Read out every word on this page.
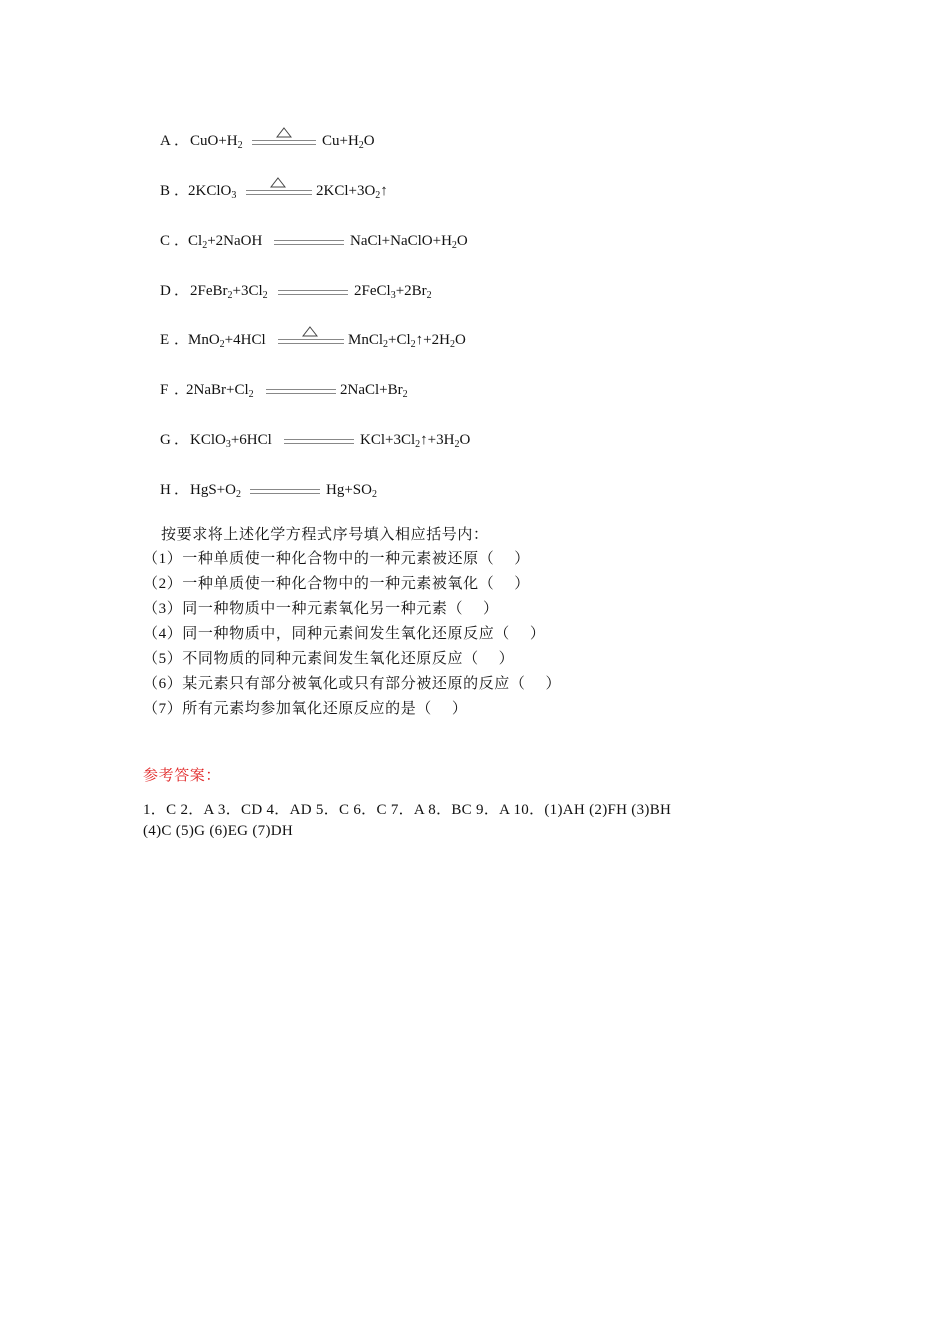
A ． $CuO+H_2$	$Cu+H_2O$
B ．
2KClO$_3$	$2KCl+3O_2↑$
C ．
$Cl_2+2NaOH$	$NaCl+NaClO+H_2O$
D ． $2FeBr_2+3Cl_2$	$2FeCl_3+2Br_2$
E ．
MnO$_2$+4HCl	$MnCl_2+Cl_2↑+2H_2O$
F ．
$2NaBr+Cl_2$	$2NaCl+Br_2$
G ． KClO$_3$+6HCl	$KCl+3Cl_2↑+3H_2O$
H ． $HgS+O_2$	$Hg+SO_2$
按要求将上述化学方程式序号填入相应括号内：
（1）一种单质使一种化合物中的一种元素被还原（　 ）
（2）一种单质使一种化合物中的一种元素被氧化（　 ）
（3）同一种物质中一种元素氧化另一种元素（　 ）
（4）同一种物质中，同种元素间发生氧化还原反应（　 ）
（5）不同物质的同种元素间发生氧化还原反应（　 ）
（6）某元素只有部分被氧化或只有部分被还原的反应（　 ）
（7）所有元素均参加氧化还原反应的是（　 ）
参考答案：
1．C 2．A 3．CD 4．AD 5．C 6．C 7．A 8．BC 9．A 10．(1)AH (2)FH (3)BH
(4)C (5)G (6)EG (7)DH
